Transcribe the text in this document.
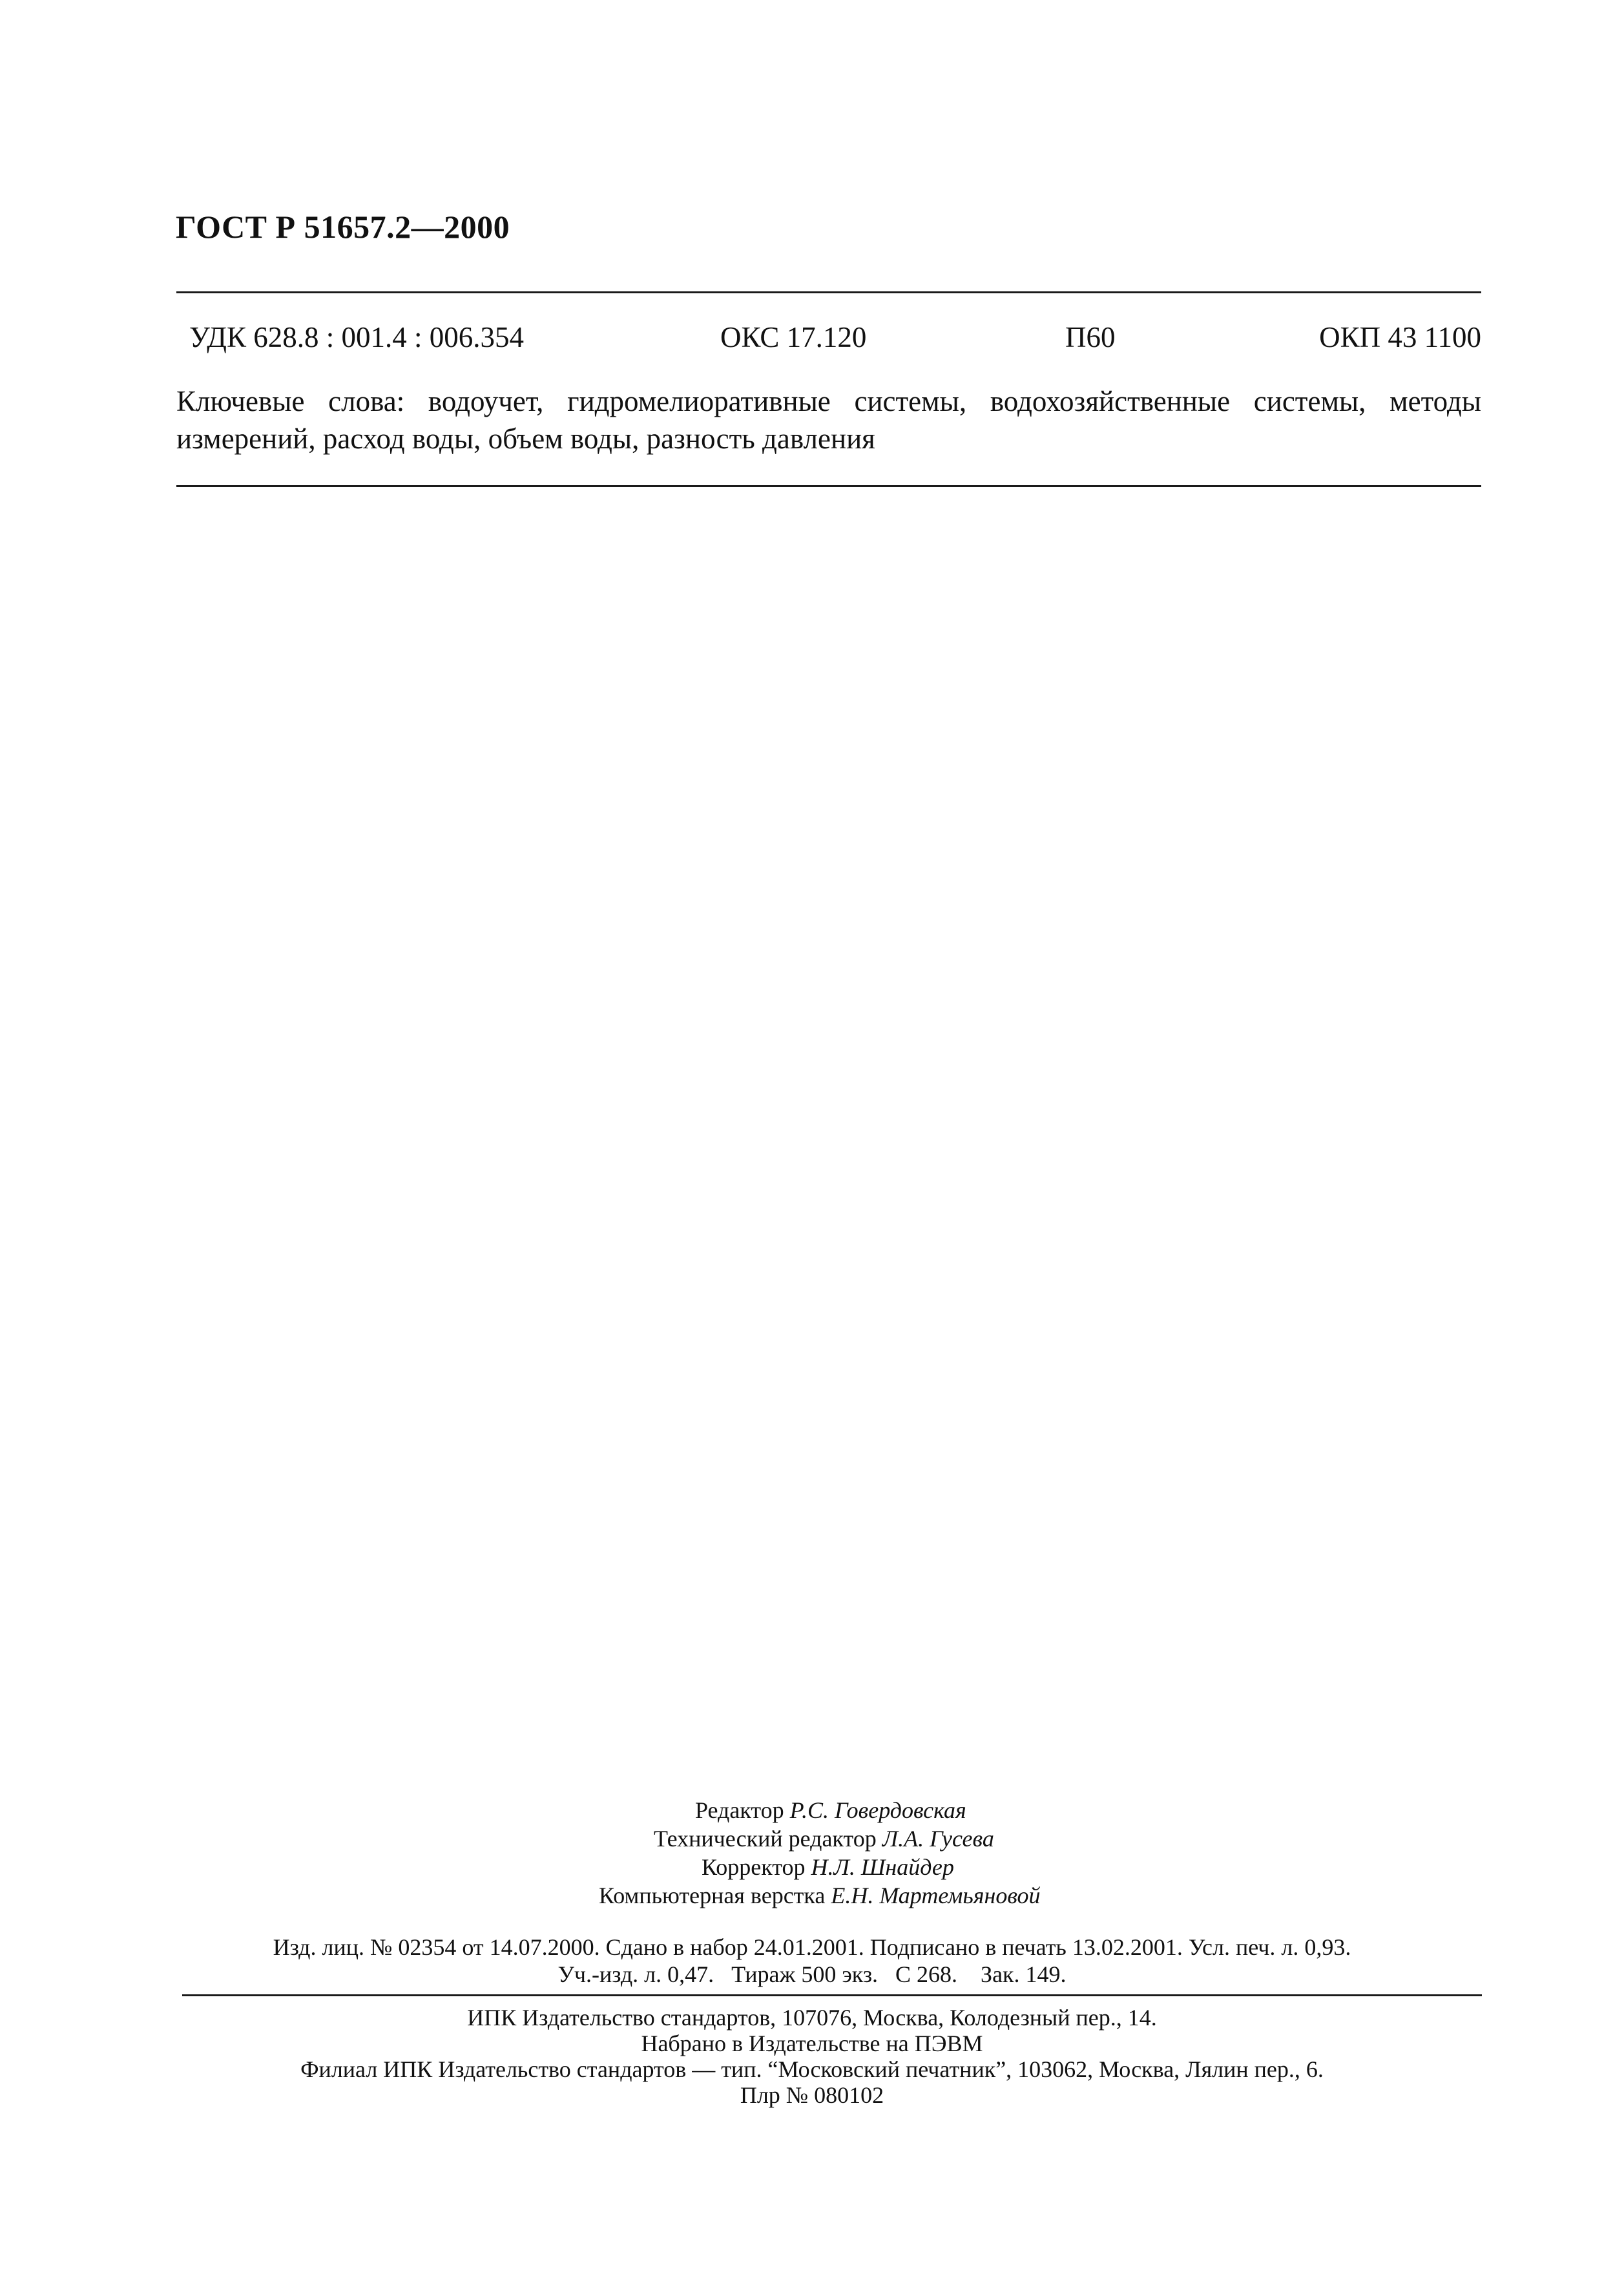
ГОСТ Р 51657.2—2000
УДК 628.8 : 001.4 : 006.354	ОКС 17.120	П60	ОКП 43 1100
Ключевые слова: водоучет, гидромелиоративные системы, водохозяйственные системы, методы
измерений, расход воды, объем воды, разность давления
Редактор Р.С. Говердовская
Технический редактор Л.А. Гусева
Корректор Н.Л. Шнайдер
Компьютерная верстка Е.Н. Мартемьяновой
Изд. лиц. № 02354 от 14.07.2000. Сдано в набор 24.01.2001. Подписано в печать 13.02.2001. Усл. печ. л. 0,93.
Уч.-изд. л. 0,47.   Тираж 500 экз.   С 268.    Зак. 149.
ИПК Издательство стандартов, 107076, Москва, Колодезный пер., 14.
Набрано в Издательстве на ПЭВМ
Филиал ИПК Издательство стандартов — тип. “Московский печатник”, 103062, Москва, Лялин пер., 6.
Плр № 080102
